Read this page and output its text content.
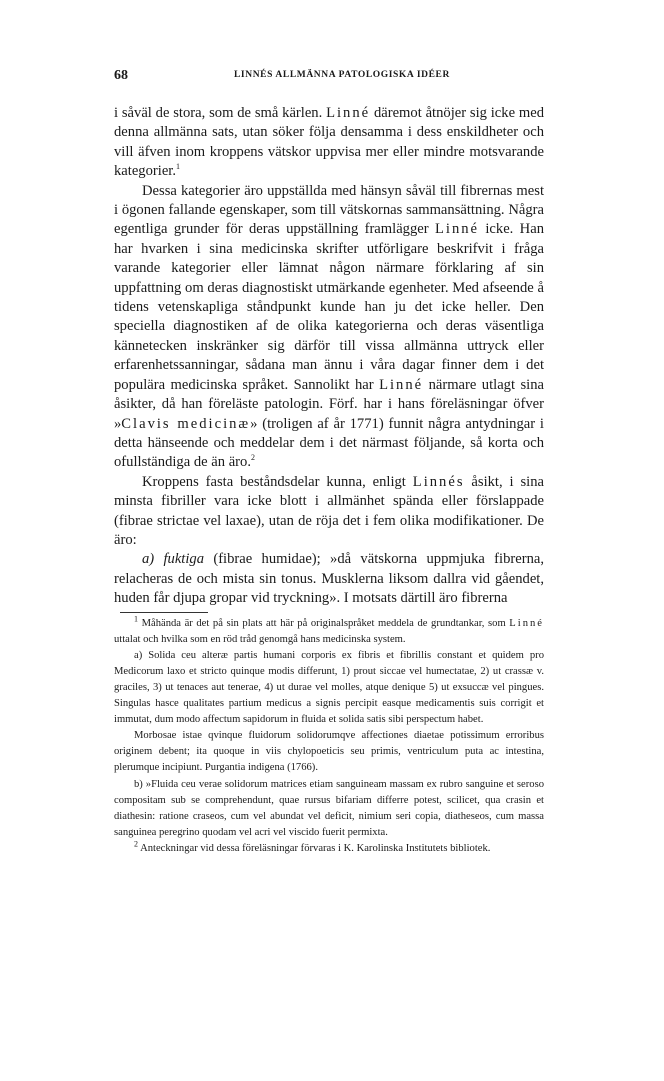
68	LINNÉS ALLMÄNNA PATOLOGISKA IDÉER

i såväl de stora, som de små kärlen. Linné däremot åtnöjer sig icke med denna allmänna sats, utan söker följa densamma i dess enskildheter och vill äfven inom kroppens vätskor uppvisa mer eller mindre motsvarande kategorier.$^1$

Dessa kategorier äro uppställda med hänsyn såväl till fibrernas mest i ögonen fallande egenskaper, som till vätskornas sammansättning. Några egentliga grunder för deras uppställning framlägger Linné icke. Han har hvarken i sina medicinska skrifter utförligare beskrifvit i fråga varande kategorier eller lämnat någon närmare förklaring af sin uppfattning om deras diagnostiskt utmärkande egenheter. Med afseende å tidens vetenskapliga ståndpunkt kunde han ju det icke heller. Den speciella diagnostiken af de olika kategorierna och deras väsentliga kännetecken inskränker sig därför till vissa allmänna uttryck eller erfarenhetssanningar, sådana man ännu i våra dagar finner dem i det populära medicinska språket. Sannolikt har Linné närmare utlagt sina åsikter, då han föreläste patologin. Förf. har i hans föreläsningar öfver »Clavis medicinæ» (troligen af år 1771) funnit några antydningar i detta hänseende och meddelar dem i det närmast följande, så korta och ofullständiga de än äro.$^2$

Kroppens fasta beståndsdelar kunna, enligt Linnés åsikt, i sina minsta fibriller vara icke blott i allmänhet spända eller förslappade (fibrae strictae vel laxae), utan de röja det i fem olika modifikationer. De äro:

a) fuktiga (fibrae humidae); »då vätskorna uppmjuka fibrerna, relacheras de och mista sin tonus. Musklerna liksom dallra vid gåendet, huden får djupa gropar vid tryckning». I motsats därtill äro fibrerna

$^1$ Måhända är det på sin plats att här på originalspråket meddela de grundtankar, som Linné uttalat och hvilka som en röd tråd genomgå hans medicinska system.

a) Solida ceu alteræ partis humani corporis ex fibris et fibrillis constant et quidem pro Medicorum laxo et stricto quinque modis differunt, 1) prout siccae vel humectatae, 2) ut crassæ v. graciles, 3) ut tenaces aut tenerae, 4) ut durae vel molles, atque denique 5) ut exsuccæ vel pingues. Singulas hasce qualitates partium medicus a signis percipit easque medicamentis suis corrigit et immutat, dum modo affectum sapidorum in fluida et solida satis sibi perspectum habet.

Morbosae istae qvinque fluidorum solidorumqve affectiones diaetae potissimum erroribus originem debent; ita quoque in viis chylopoeticis seu primis, ventriculum puta ac intestina, plerumque incipiunt. Purgantia indigena (1766).

b) »Fluida ceu verae solidorum matrices etiam sanguineam massam ex rubro sanguine et seroso compositam sub se comprehendunt, quae rursus bifariam differre potest, scilicet, qua crasin et diathesin: ratione craseos, cum vel abundat vel deficit, nimium seri copia, diatheseos, cum massa sanguinea peregrino quodam vel acri vel viscido fuerit permixta.

$^2$ Anteckningar vid dessa föreläsningar förvaras i K. Karolinska Institutets bibliotek.
